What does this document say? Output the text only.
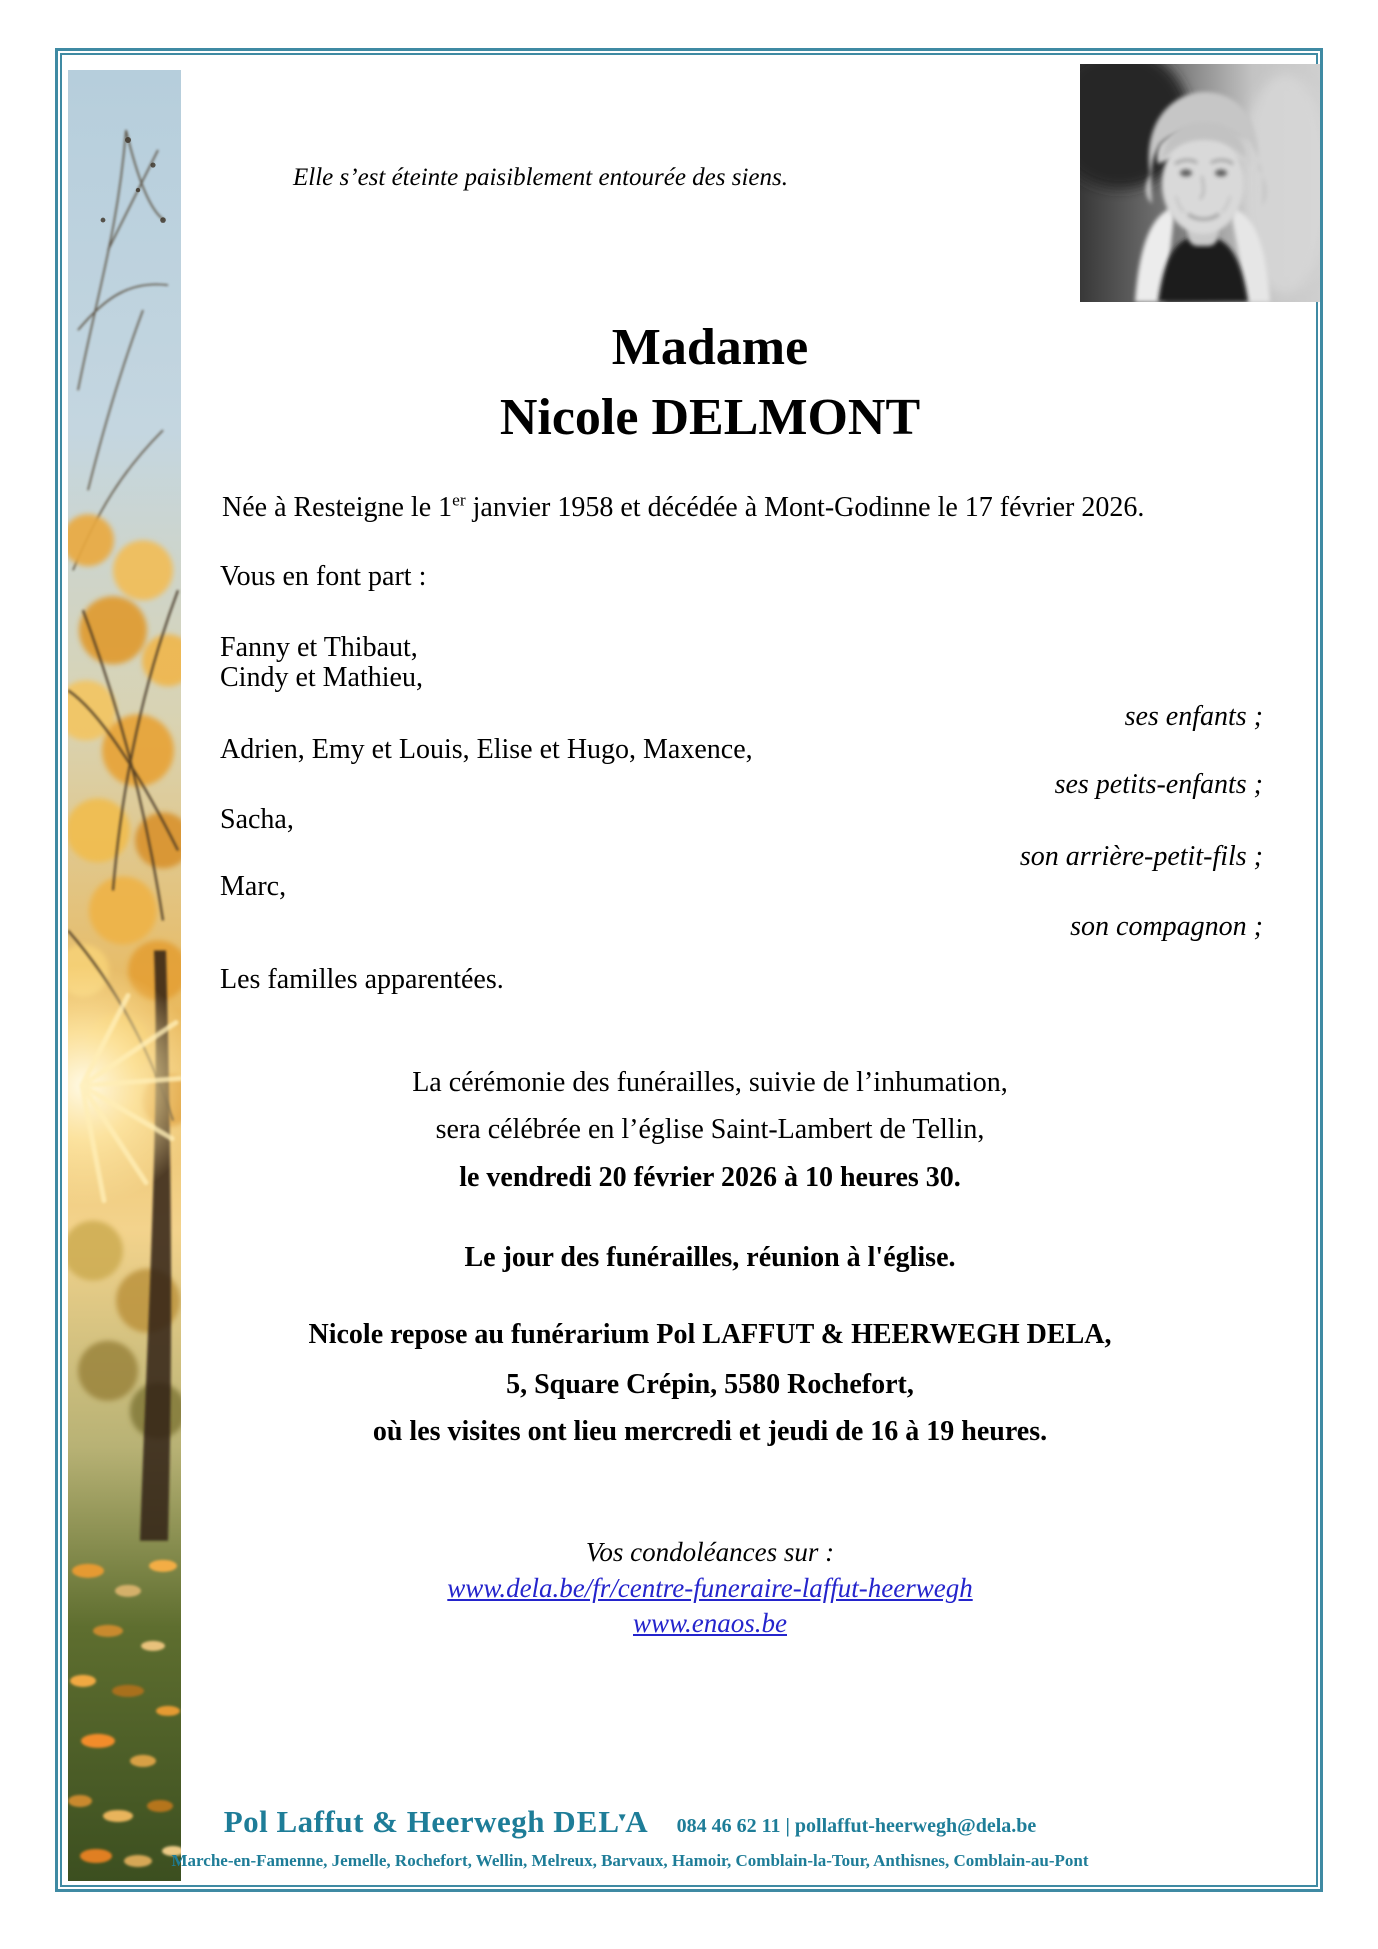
Elle s’est éteinte paisiblement entourée des siens.
Madame
Nicole DELMONT
Née à Resteigne le 1er janvier 1958 et décédée à Mont-Godinne le 17 février 2026.
Vous en font part :
Fanny et Thibaut,
Cindy et Mathieu,
ses enfants ;
Adrien, Emy et Louis, Elise et Hugo, Maxence,
ses petits-enfants ;
Sacha,
son arrière-petit-fils ;
Marc,
son compagnon ;
Les familles apparentées.
La cérémonie des funérailles, suivie de l’inhumation,
sera célébrée en l’église Saint-Lambert de Tellin,
le vendredi 20 février 2026 à 10 heures 30.
Le jour des funérailles, réunion à l'église.
Nicole repose au funérarium Pol LAFFUT & HEERWEGH DELA,
5, Square Crépin, 5580 Rochefort,
où les visites ont lieu mercredi et jeudi de 16 à 19 heures.
Vos condoléances sur :
www.dela.be/fr/centre-funeraire-laffut-heerwegh
www.enaos.be
Pol Laffut & Heerwegh DEL▾A 084 46 62 11 | pollaffut-heerwegh@dela.be
Marche-en-Famenne, Jemelle, Rochefort, Wellin, Melreux, Barvaux, Hamoir, Comblain-la-Tour, Anthisnes, Comblain-au-Pont
